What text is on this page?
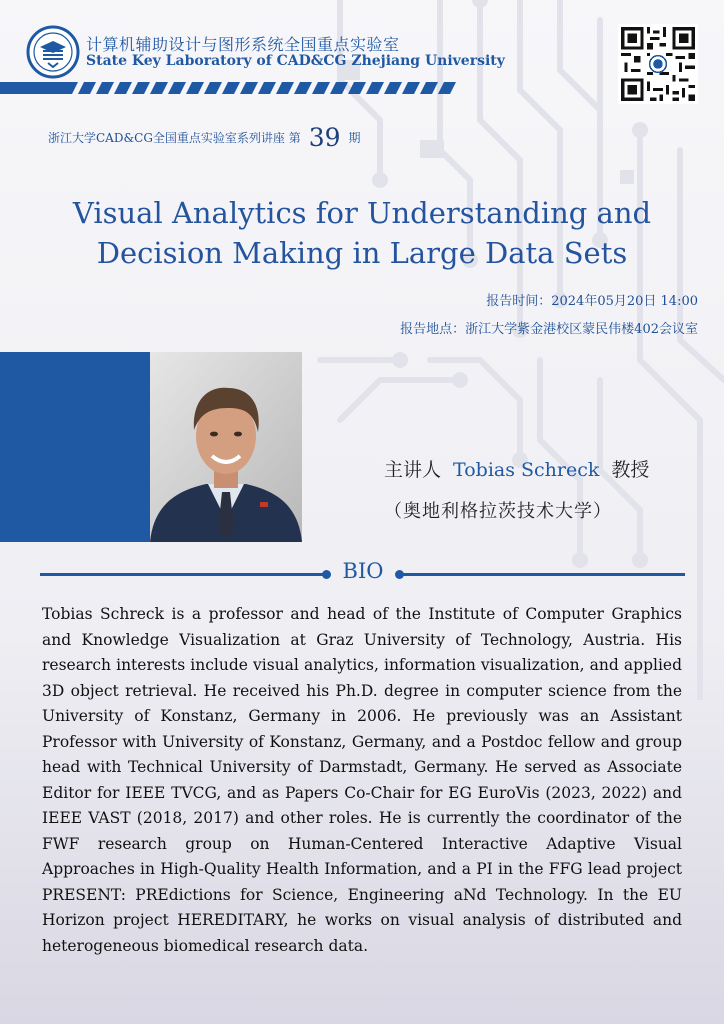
计算机辅助设计与图形系统全国重点实验室
State Key Laboratory of CAD&CG Zhejiang University
浙江大学CAD&CG全国重点实验室系列讲座 第 39 期
Visual Analytics for Understanding and
Decision Making in Large Data Sets
报告时间：2024年05月20日 14:00
报告地点：浙江大学紫金港校区蒙民伟楼402会议室
主讲人 Tobias Schreck 教授
（奥地利格拉茨技术大学）
BIO
Tobias Schreck is a professor and head of the Institute of Computer Graphics and Knowledge Visualization at Graz University of Technology, Austria. His research interests include visual analytics, information visualization, and applied 3D object retrieval. He received his Ph.D. degree in computer science from the University of Konstanz, Germany in 2006. He previously was an Assistant Professor with University of Konstanz, Germany, and a Postdoc fellow and group head with Technical University of Darmstadt, Germany. He served as Associate Editor for IEEE TVCG, and as Papers Co-Chair for EG EuroVis (2023, 2022) and IEEE VAST (2018, 2017) and other roles. He is currently the coordinator of the FWF research group on Human-Centered Interactive Adaptive Visual Approaches in High-Quality Health Information, and a PI in the FFG lead project PRESENT: PREdictions for Science, Engineering aNd Technology. In the EU Horizon project HEREDITARY, he works on visual analysis of distributed and heterogeneous biomedical research data.
